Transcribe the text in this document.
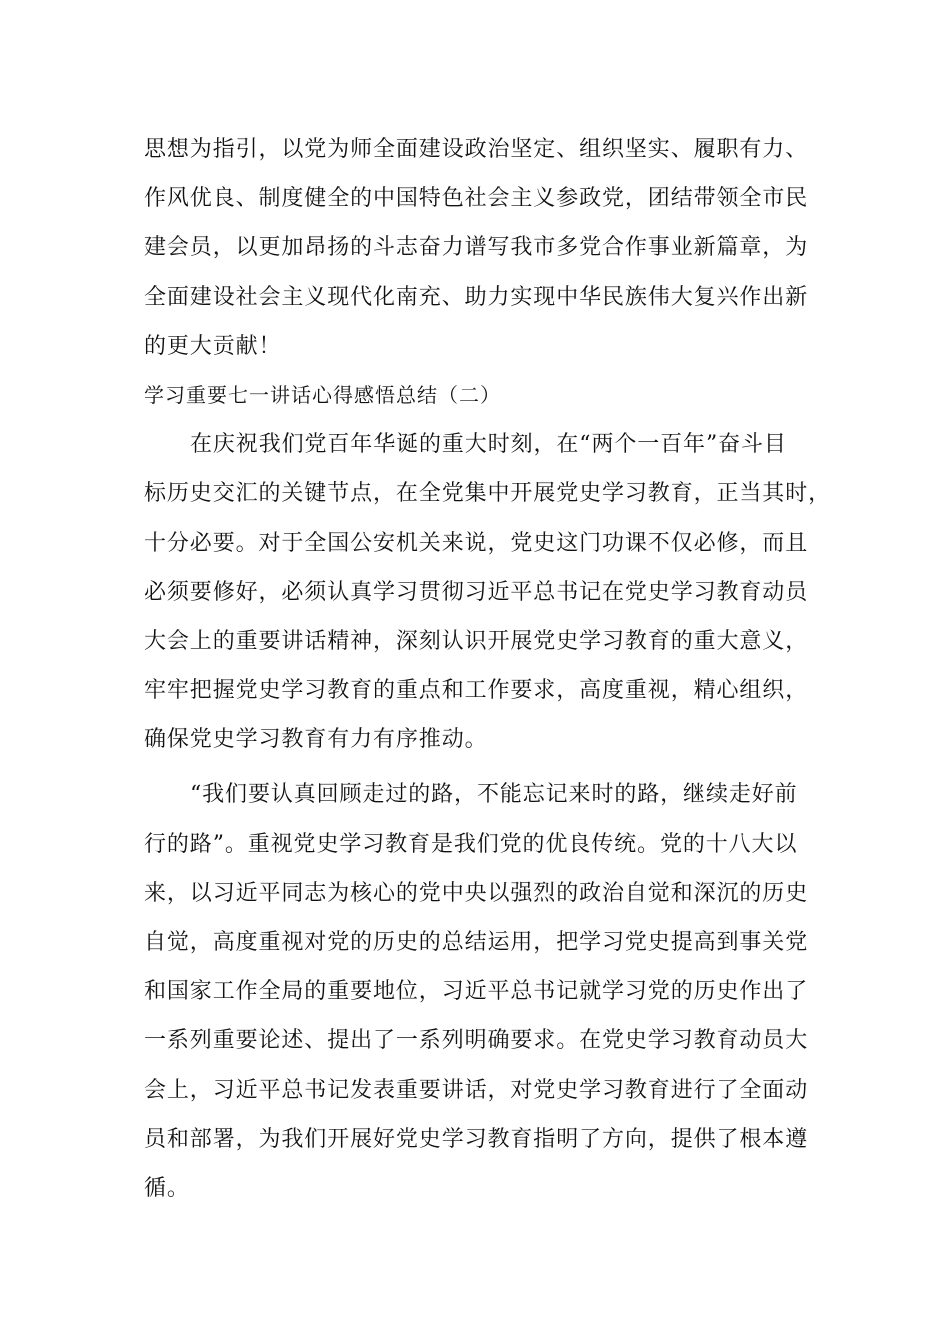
思想为指引，以党为师全面建设政治坚定、组织坚实、履职有力、
作风优良、制度健全的中国特色社会主义参政党，团结带领全市民
建会员，以更加昂扬的斗志奋力谱写我市多党合作事业新篇章，为
全面建设社会主义现代化南充、助力实现中华民族伟大复兴作出新
的更大贡献！
学习重要七一讲话心得感悟总结（二）
在庆祝我们党百年华诞的重大时刻，在“两个一百年”奋斗目
标历史交汇的关键节点，在全党集中开展党史学习教育，正当其时，
十分必要。对于全国公安机关来说，党史这门功课不仅必修，而且
必须要修好，必须认真学习贯彻习近平总书记在党史学习教育动员
大会上的重要讲话精神，深刻认识开展党史学习教育的重大意义，
牢牢把握党史学习教育的重点和工作要求，高度重视，精心组织，
确保党史学习教育有力有序推动。
“我们要认真回顾走过的路，不能忘记来时的路，继续走好前
行的路”。重视党史学习教育是我们党的优良传统。党的十八大以
来，以习近平同志为核心的党中央以强烈的政治自觉和深沉的历史
自觉，高度重视对党的历史的总结运用，把学习党史提高到事关党
和国家工作全局的重要地位，习近平总书记就学习党的历史作出了
一系列重要论述、提出了一系列明确要求。在党史学习教育动员大
会上，习近平总书记发表重要讲话，对党史学习教育进行了全面动
员和部署，为我们开展好党史学习教育指明了方向，提供了根本遵
循。
